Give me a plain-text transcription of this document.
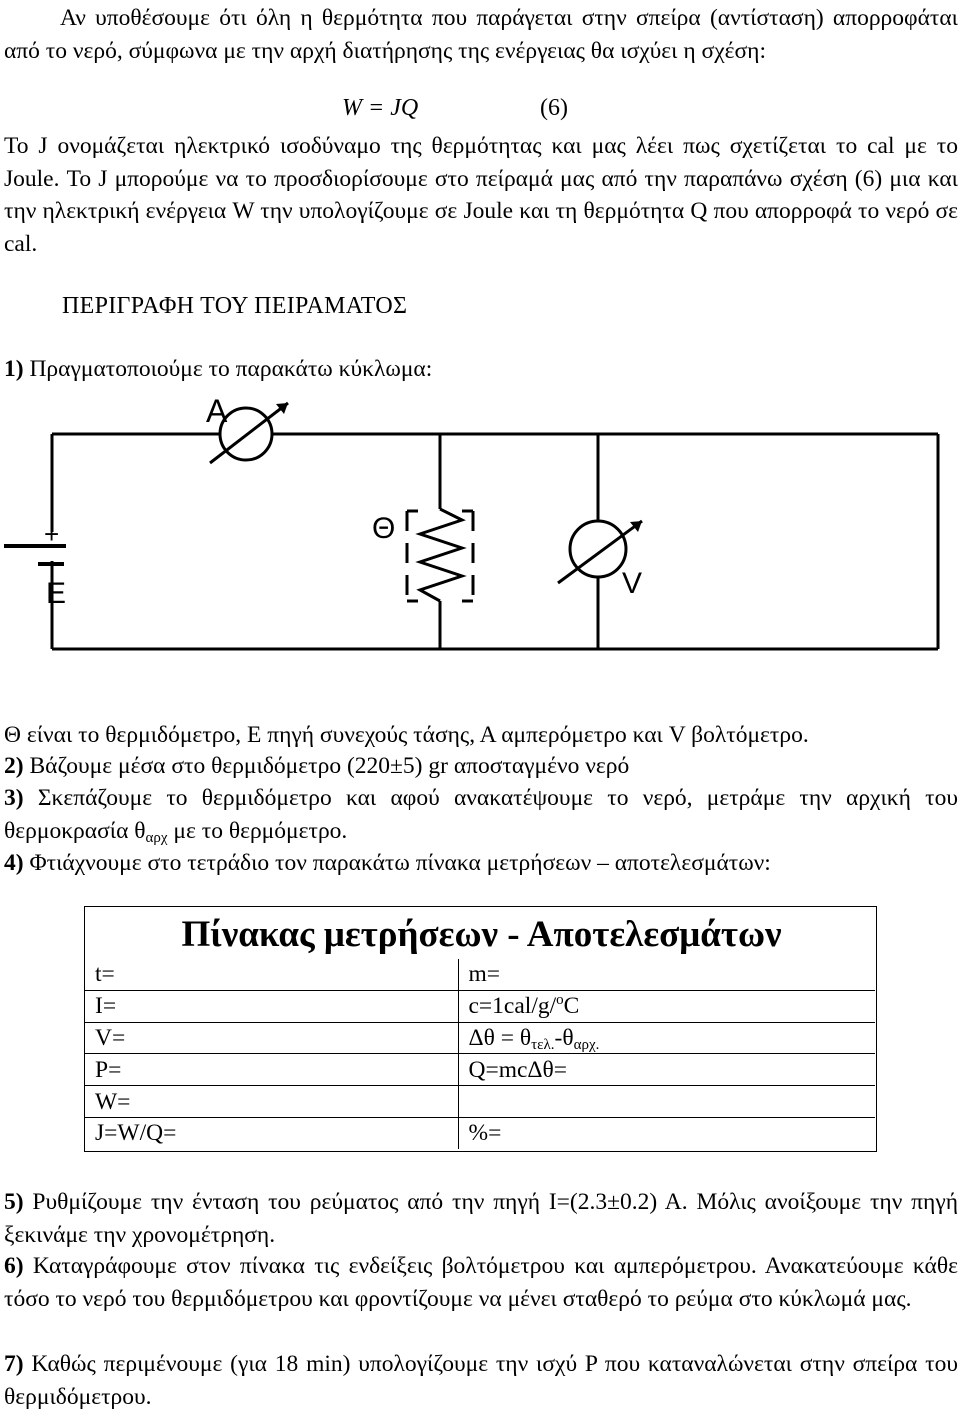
Αν υποθέσουμε ότι όλη η θερμότητα που παράγεται στην σπείρα (αντίσταση) απορροφάται από το νερό, σύμφωνα με την αρχή διατήρησης της ενέργειας θα ισχύει η σχέση:

W = JQ	(6)

Το J ονομάζεται ηλεκτρικό ισοδύναμο της θερμότητας και μας λέει πως σχετίζεται το cal με το Joule. Το J μπορούμε να το προσδιορίσουμε στο πείραμά μας από την παραπάνω σχέση (6) μια και την ηλεκτρική ενέργεια W την υπολογίζουμε σε Joule και τη θερμότητα Q που απορροφά το νερό σε cal.

ΠΕΡΙΓΡΑΦΗ ΤΟΥ ΠΕΙΡΑΜΑΤΟΣ

1) Πραγματοποιούμε το παρακάτω κύκλωμα:

A
+
E
Θ
V

Θ είναι το θερμιδόμετρο, Ε πηγή συνεχούς τάσης, Α αμπερόμετρο και V βολτόμετρο.

2) Βάζουμε μέσα στο θερμιδόμετρο (220±5) gr αποσταγμένο νερό

3) Σκεπάζουμε το θερμιδόμετρο και αφού ανακατέψουμε το νερό, μετράμε την αρχική του θερμοκρασία $\theta_{\alpha\rho\chi}$ με το θερμόμετρο.

4) Φτιάχνουμε στο τετράδιο τον παρακάτω πίνακα μετρήσεων – αποτελεσμάτων:

Πίνακας μετρήσεων - Αποτελεσμάτων
t=	m=
I=	c=1cal/g/$^o$C
V=	$\Delta\theta = \theta_{\tau\varepsilon\lambda.}-\theta_{\alpha\rho\chi.}$
P=	Q=mcΔθ=
W=	
J=W/Q=	%=

5) Ρυθμίζουμε την ένταση του ρεύματος από την πηγή Ι=(2.3±0.2) Α. Μόλις ανοίξουμε την πηγή ξεκινάμε την χρονομέτρηση.

6) Καταγράφουμε στον πίνακα τις ενδείξεις βολτόμετρου και αμπερόμετρου. Ανακατεύουμε κάθε τόσο το νερό του θερμιδόμετρου και φροντίζουμε να μένει σταθερό το ρεύμα στο κύκλωμά μας.

7) Καθώς περιμένουμε (για 18 min) υπολογίζουμε την ισχύ P που καταναλώνεται στην σπείρα του θερμιδόμετρου.
